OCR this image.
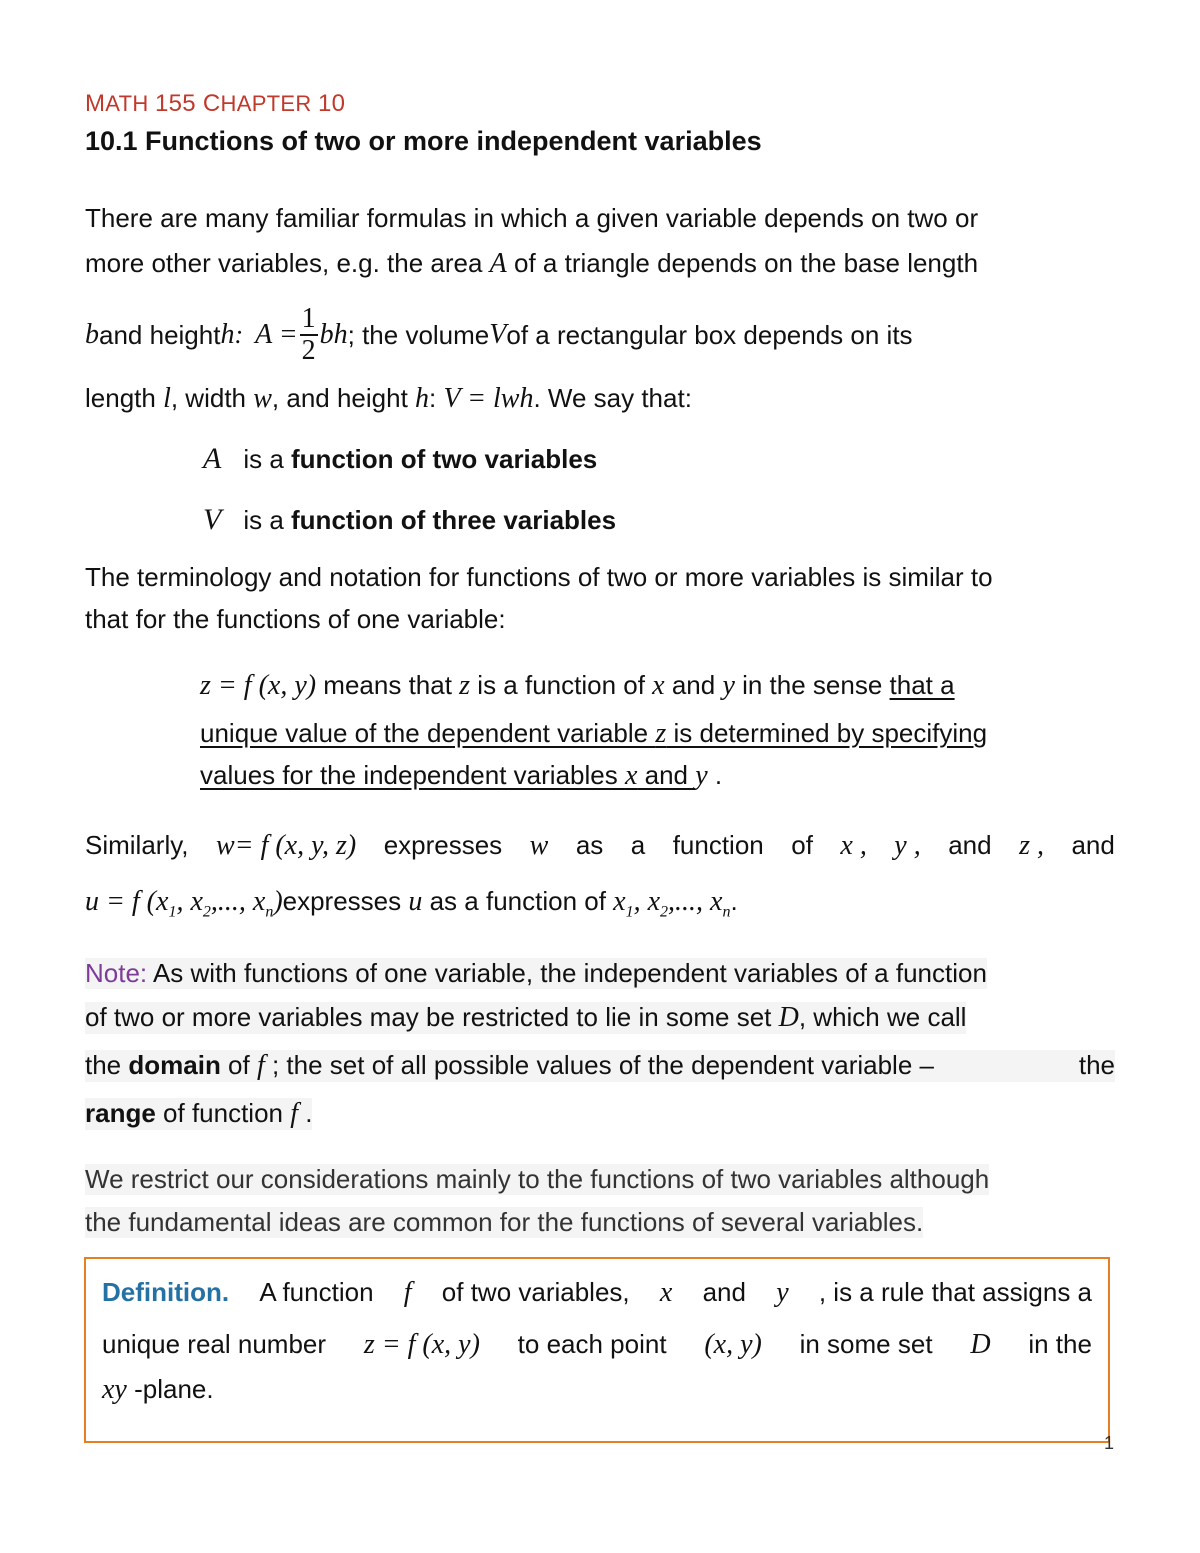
MATH 155 CHAPTER 10
10.1 Functions of two or more independent variables
There are many familiar formulas in which a given variable depends on two or
more other variables, e.g. the area A of a triangle depends on the base length
b and height h : $A = \frac{1}{2}$ bh ; the volume V of a rectangular box depends on its
length l, width w, and height h: V = lwh. We say that:
A is a function of two variables
V is a function of three variables
The terminology and notation for functions of two or more variables is similar to
that for the functions of one variable:
z = f (x, y) means that z is a function of x and y in the sense that a
unique value of the dependent variable z is determined by specifying
values for the independent variables x and y .
Similarly, w= f (x, y, z) expresses w as a function of x , y , and z , and
u = f ($x_1$, $x_2$,..., $x_n)expresses$ u as a function of $x_1$, $x_2$,..., $x_n$.
Note: As with functions of one variable, the independent variables of a function
of two or more variables may be restricted to lie in some set D, which we call
the domain of f ; the set of all possible values of the dependent variable –	the
range of function f .
We restrict our considerations mainly to the functions of two variables although
the fundamental ideas are common for the functions of several variables.
Definition. A function f of two variables, x and y , is a rule that assigns a
unique real number z = f (x, y) to each point (x, y) in some set D in the
xy -plane.
1
